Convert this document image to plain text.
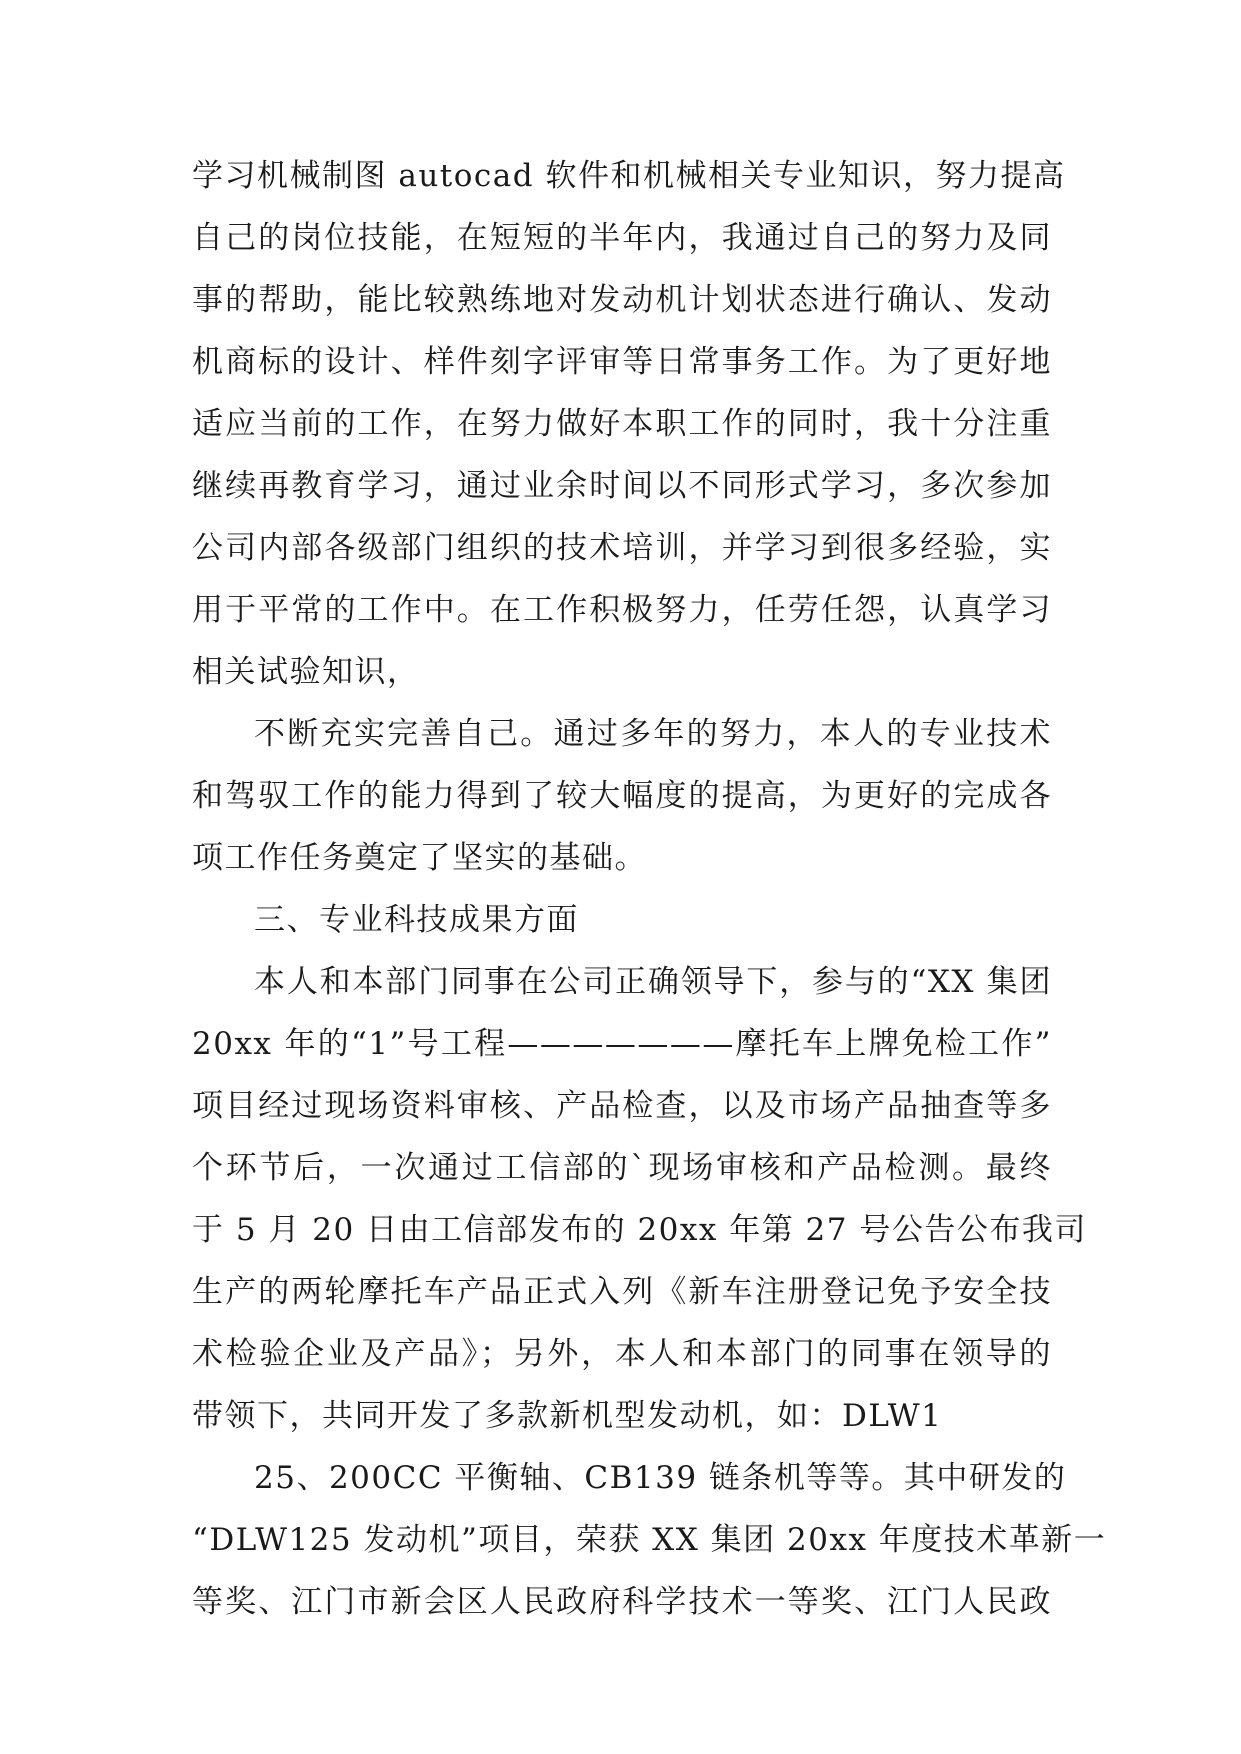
学习机械制图 autocad 软件和机械相关专业知识，努力提高
自己的岗位技能，在短短的半年内，我通过自己的努力及同
事的帮助，能比较熟练地对发动机计划状态进行确认、发动
机商标的设计、样件刻字评审等日常事务工作。为了更好地
适应当前的工作，在努力做好本职工作的同时，我十分注重
继续再教育学习，通过业余时间以不同形式学习，多次参加
公司内部各级部门组织的技术培训，并学习到很多经验，实
用于平常的工作中。在工作积极努力，任劳任怨，认真学习
相关试验知识，
不断充实完善自己。通过多年的努力，本人的专业技术
和驾驭工作的能力得到了较大幅度的提高，为更好的完成各
项工作任务奠定了坚实的基础。
三、专业科技成果方面
本人和本部门同事在公司正确领导下，参与的“XX 集团
20xx 年的“1”号工程———————摩托车上牌免检工作”
项目经过现场资料审核、产品检查，以及市场产品抽查等多
个环节后，一次通过工信部的`现场审核和产品检测。最终
于 5 月 20 日由工信部发布的 20xx 年第 27 号公告公布我司
生产的两轮摩托车产品正式入列《新车注册登记免予安全技
术检验企业及产品》；另外，本人和本部门的同事在领导的
带领下，共同开发了多款新机型发动机，如：DLW1
25、200CC 平衡轴、CB139 链条机等等。其中研发的
“DLW125 发动机”项目，荣获 XX 集团 20xx 年度技术革新一
等奖、江门市新会区人民政府科学技术一等奖、江门人民政
